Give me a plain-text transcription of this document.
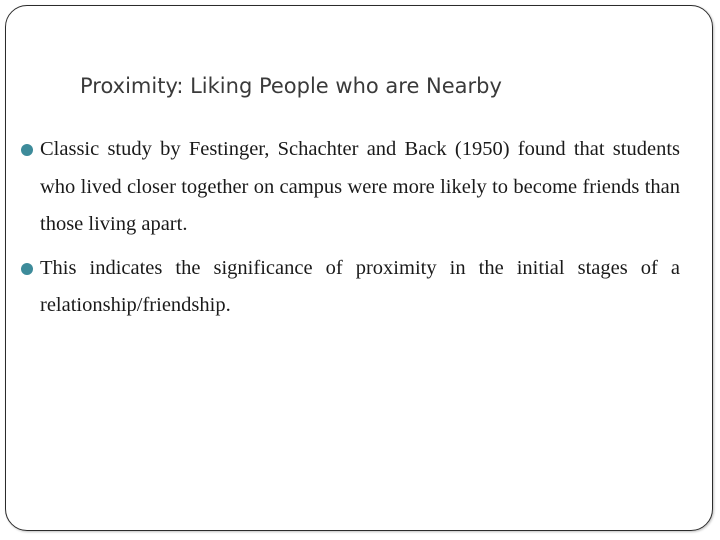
Proximity: Liking People who are Nearby
Classic study by Festinger, Schachter and Back (1950) found that students who lived closer together on campus were more likely to become friends than those living apart.
This indicates the significance of proximity in the initial stages of a relationship/friendship.
